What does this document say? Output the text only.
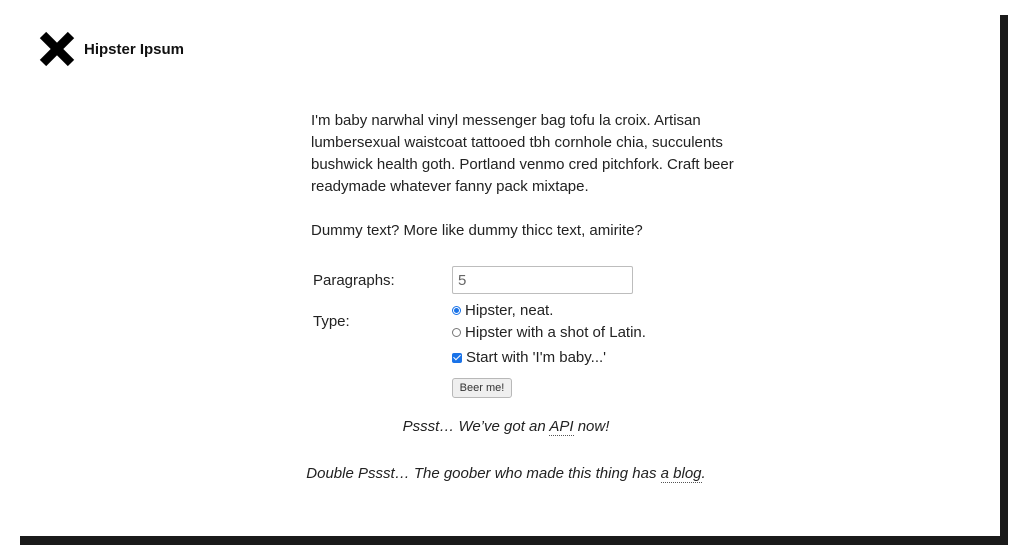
Hipster Ipsum

I'm baby narwhal vinyl messenger bag tofu la croix. Artisan lumbersexual waistcoat tattooed tbh cornhole chia, succulents bushwick health goth. Portland venmo cred pitchfork. Craft beer readymade whatever fanny pack mixtape.

Dummy text? More like dummy thicc text, amirite?

Paragraphs:
5
Type:
Hipster, neat.
Hipster with a shot of Latin.
Start with 'I'm baby...'
Beer me!
Pssst… We’ve got an API now!
Double Pssst… The goober who made this thing has a blog.
